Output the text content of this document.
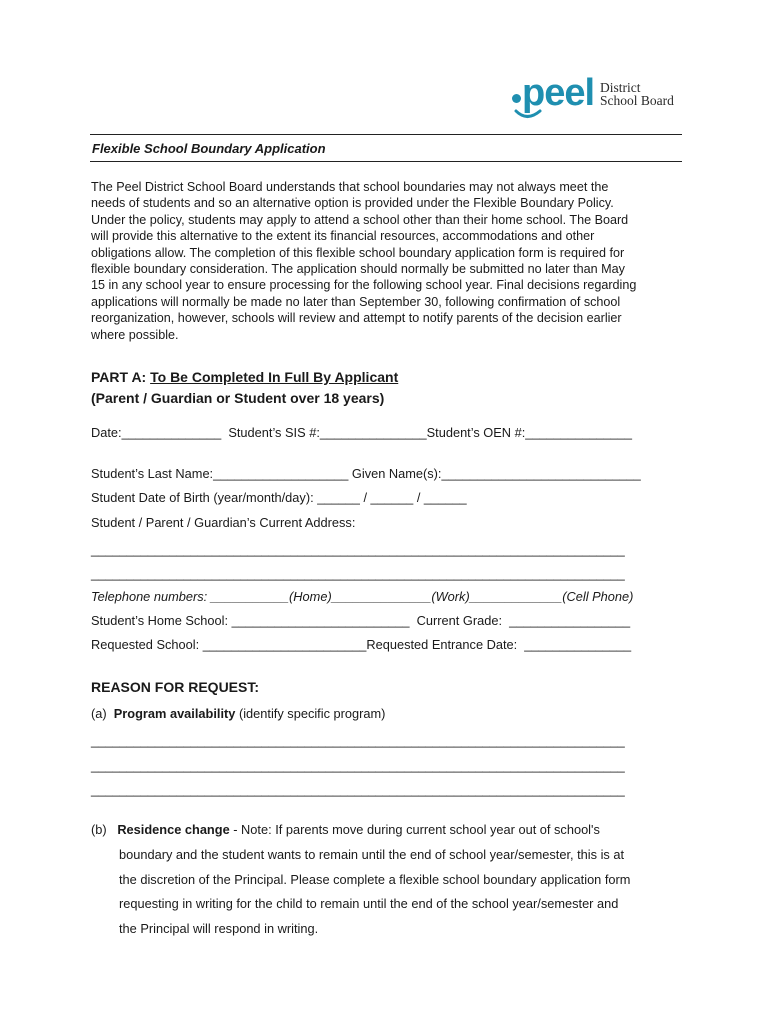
peel District
School Board
Flexible School Boundary Application
The Peel District School Board understands that school boundaries may not always meet the
needs of students and so an alternative option is provided under the Flexible Boundary Policy.
Under the policy, students may apply to attend a school other than their home school. The Board
will provide this alternative to the extent its financial resources, accommodations and other
obligations allow. The completion of this flexible school boundary application form is required for
flexible boundary consideration. The application should normally be submitted no later than May
15 in any school year to ensure processing for the following school year. Final decisions regarding
applications will normally be made no later than September 30, following confirmation of school
reorganization, however, schools will review and attempt to notify parents of the decision earlier
where possible.
PART A: To Be Completed In Full By Applicant
(Parent / Guardian or Student over 18 years)
Date:______________  Student’s SIS #:_______________Student’s OEN #:_______________
Student’s Last Name:___________________ Given Name(s):____________________________
Student Date of Birth (year/month/day): ______ / ______ / ______
Student / Parent / Guardian’s Current Address:
___________________________________________________________________________
___________________________________________________________________________
Telephone numbers: ___________(Home)______________(Work)_____________(Cell Phone)
Student’s Home School: _________________________  Current Grade:  _________________
Requested School: _______________________Requested Entrance Date:  _______________
REASON FOR REQUEST:
(a) Program availability (identify specific program)
___________________________________________________________________________
___________________________________________________________________________
___________________________________________________________________________
(b) Residence change - Note: If parents move during current school year out of school's
boundary and the student wants to remain until the end of school year/semester, this is at
the discretion of the Principal. Please complete a flexible school boundary application form
requesting in writing for the child to remain until the end of the school year/semester and
the Principal will respond in writing.
